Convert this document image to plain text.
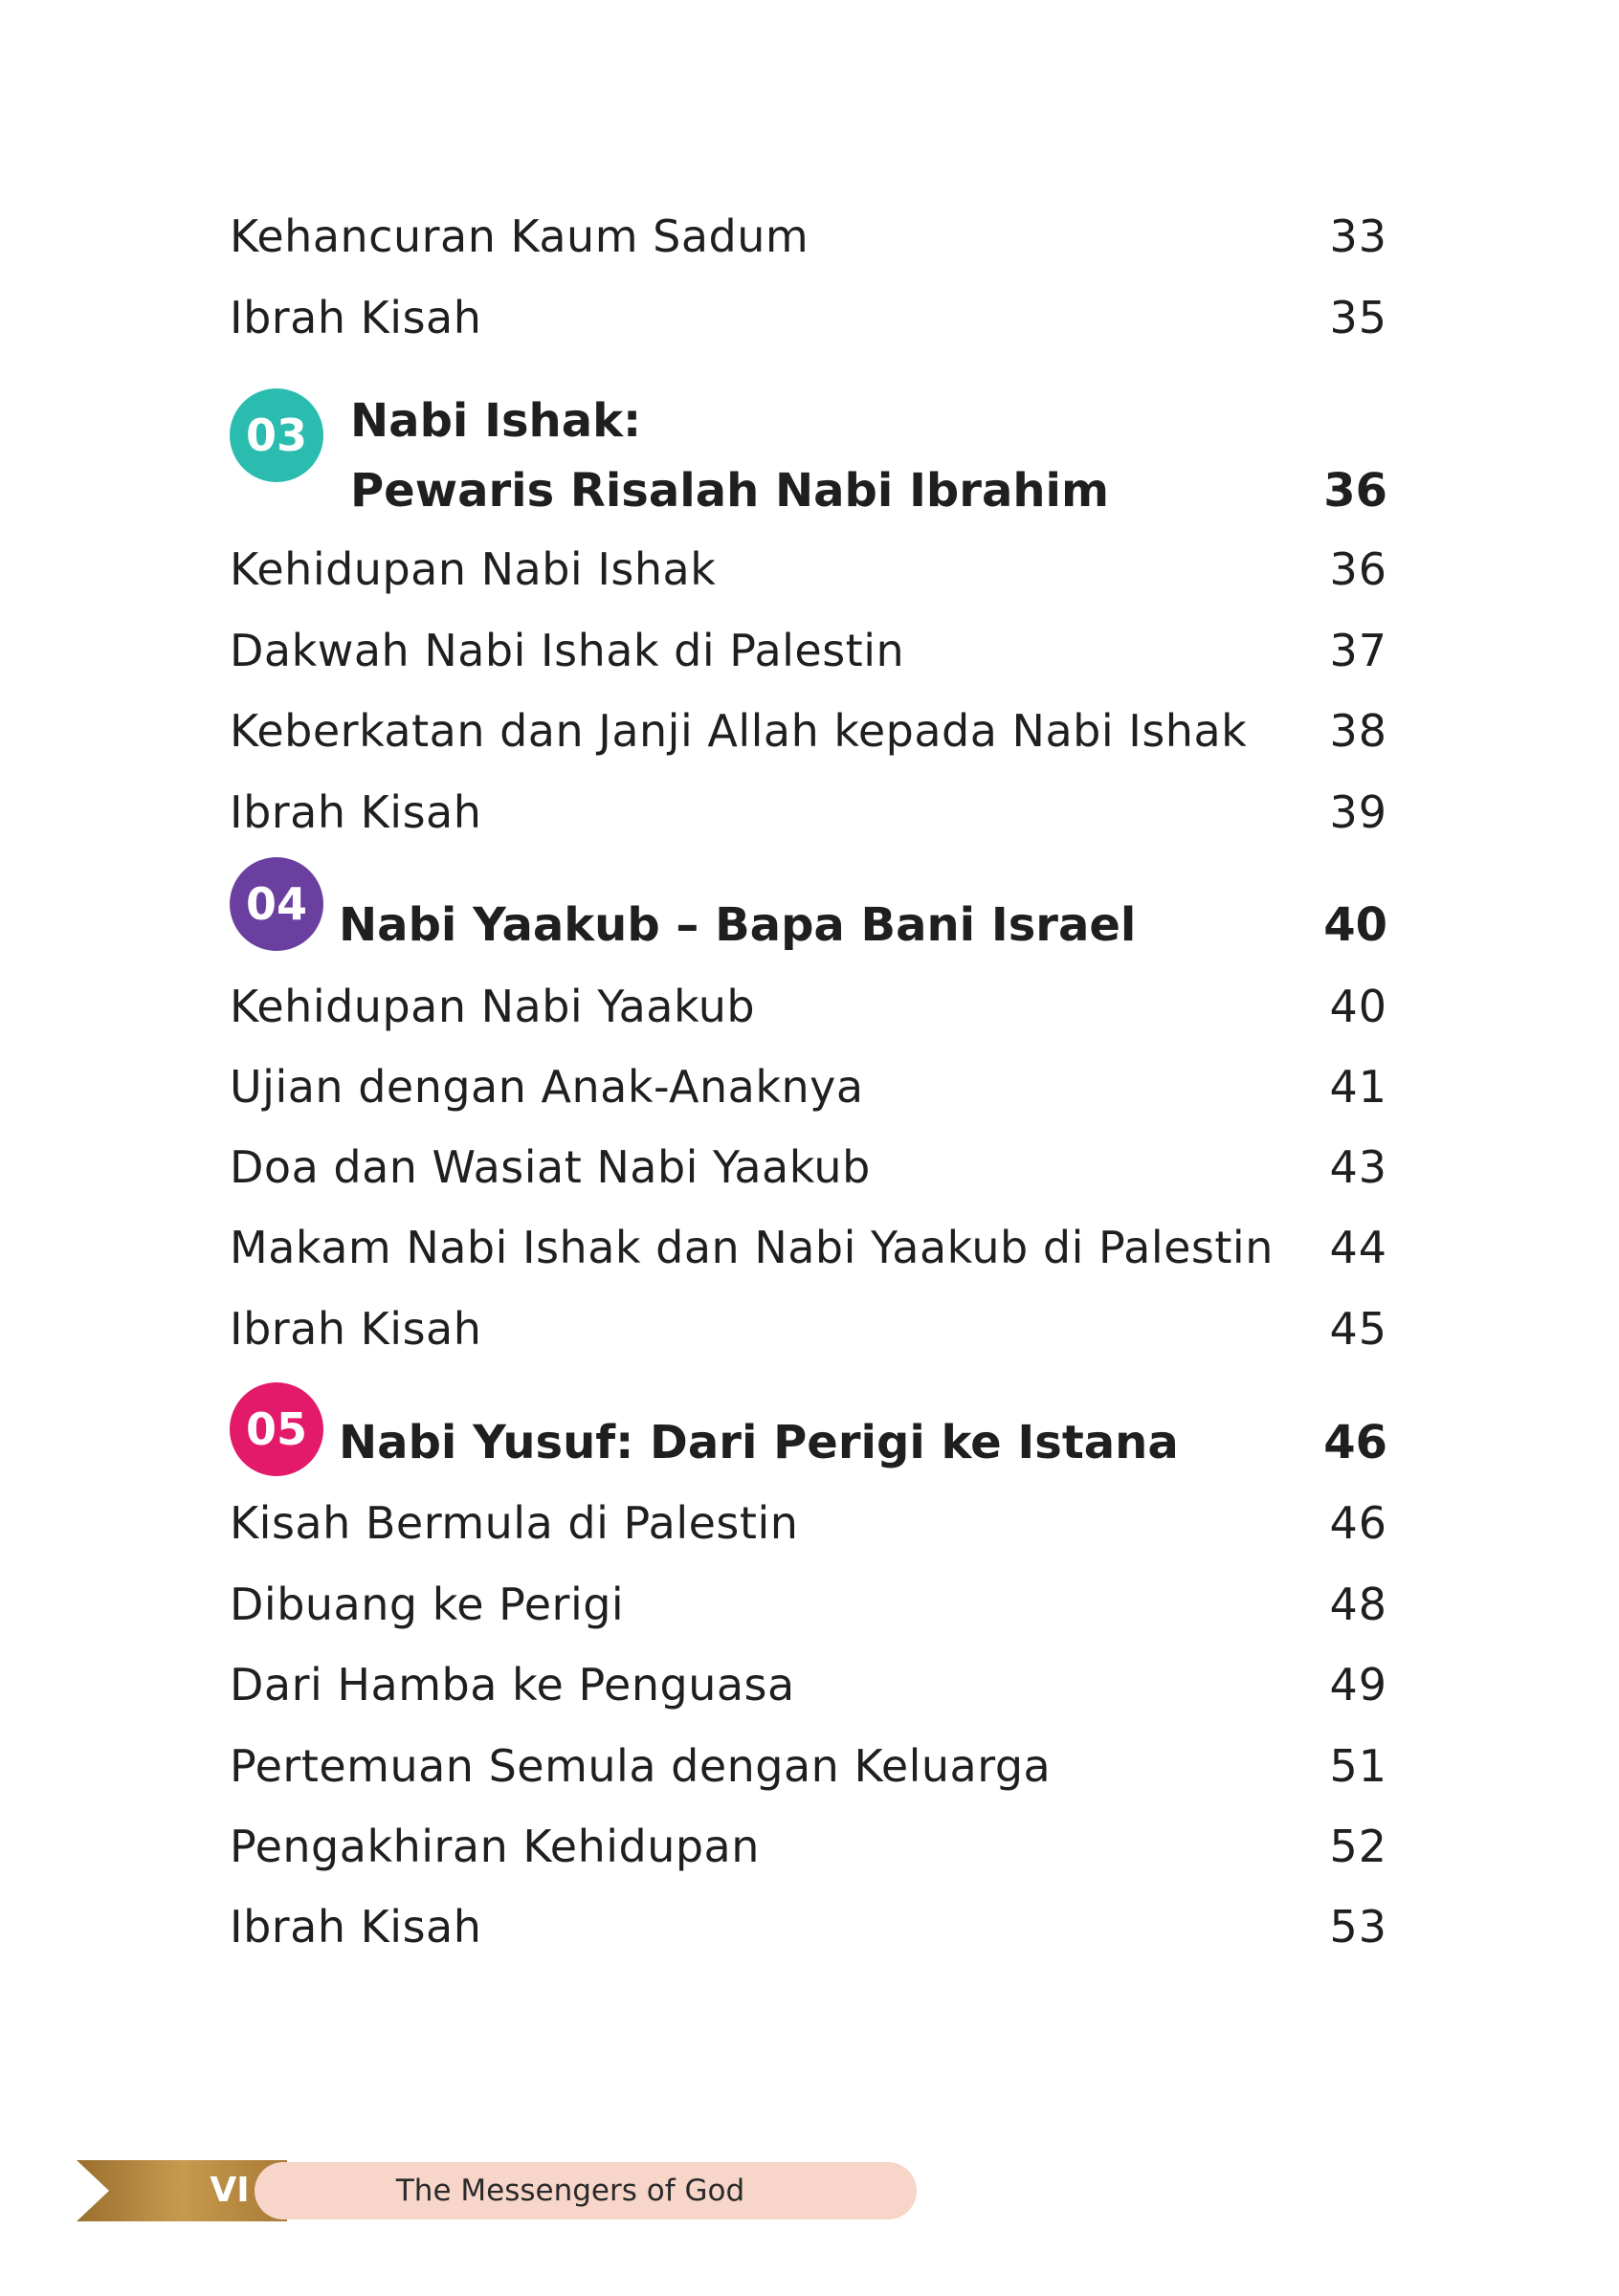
Kehancuran Kaum Sadum	33
Ibrah Kisah	35
03 Nabi Ishak:
Pewaris Risalah Nabi Ibrahim	36
Kehidupan Nabi Ishak	36
Dakwah Nabi Ishak di Palestin	37
Keberkatan dan Janji Allah kepada Nabi Ishak 38
Ibrah Kisah	39
04 Nabi Yaakub – Bapa Bani Israel	40
Kehidupan Nabi Yaakub	40
Ujian dengan Anak-Anaknya	41
Doa dan Wasiat Nabi Yaakub	43
Makam Nabi Ishak dan Nabi Yaakub di Palestin 44
Ibrah Kisah	45
05 Nabi Yusuf: Dari Perigi ke Istana	46
Kisah Bermula di Palestin	46
Dibuang ke Perigi	48
Dari Hamba ke Penguasa	49
Pertemuan Semula dengan Keluarga	51
Pengakhiran Kehidupan	52
Ibrah Kisah	53
VI	The Messengers of God
